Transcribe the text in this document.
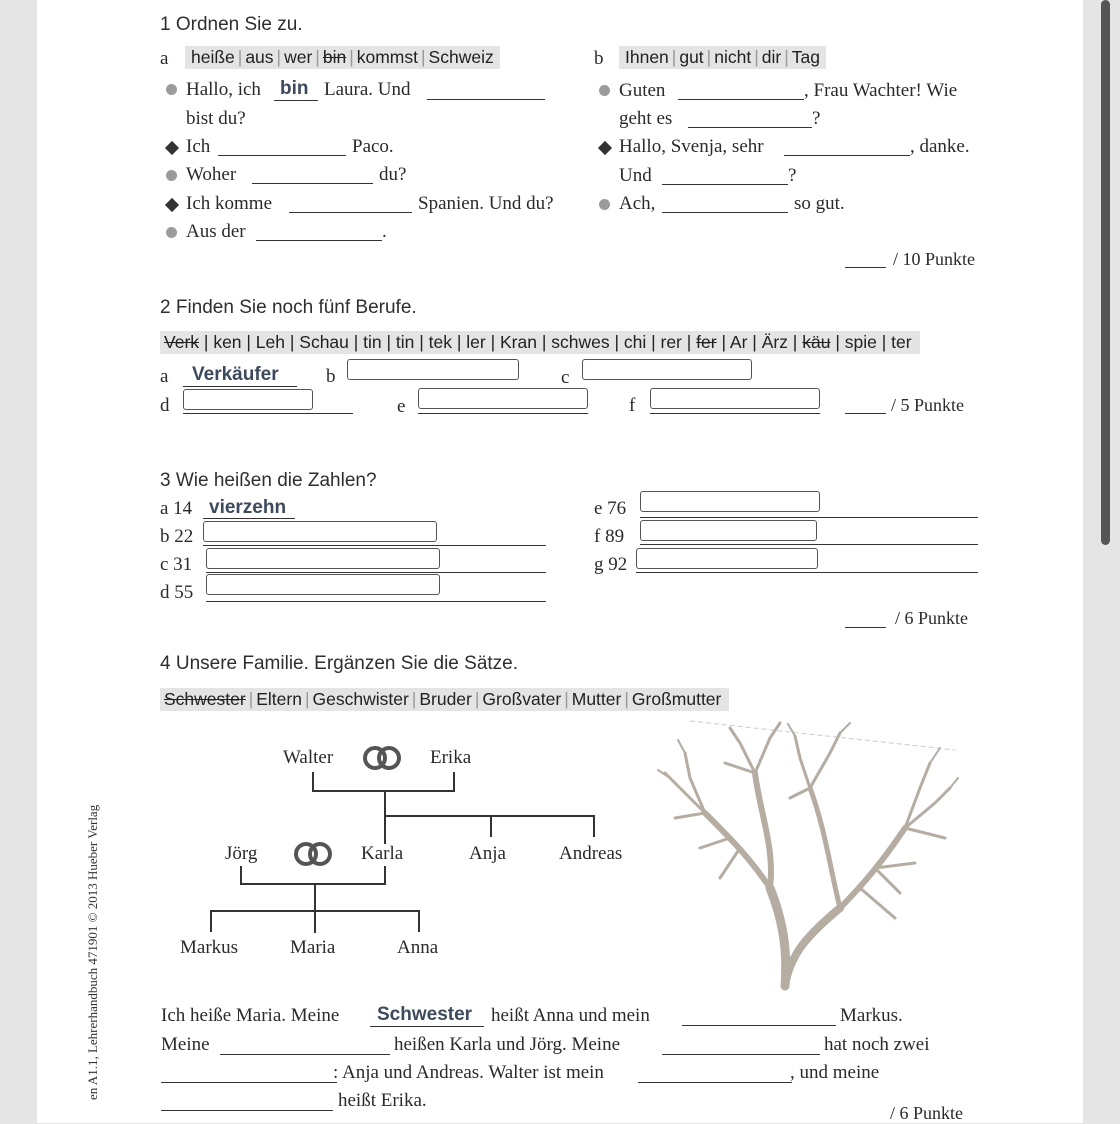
en A1.1, Lehrerhandbuch 471901 © 2013 Hueber Verlag
1 Ordnen Sie zu.
a	heiße | aus | wer | bin | kommst | Schweiz	b	Ihnen | gut | nicht | dir | Tag
Hallo, ich bin Laura. Und
bist du?
Ich	Paco.
Woher	du?
Ich komme	Spanien. Und du?
Aus der	.
Guten	, Frau Wachter! Wie
geht es	?
Hallo, Svenja, sehr	, danke.
Und	?
Ach,	so gut.
/ 10 Punkte
2 Finden Sie noch fünf Berufe.
Verk | ken | Leh | Schau | tin | tin | tek | ler | Kran | schwes | chi | rer | fer | Ar | Ärz | käu | spie | ter
a Verkäufer b	c
d	e	f	/ 5 Punkte
3 Wie heißen die Zahlen?
a 14 vierzehn
b 22
c 31
d 55
e 76
f 89
g 92
/ 6 Punkte
4 Unsere Familie. Ergänzen Sie die Sätze.
Schwester | Eltern | Geschwister | Bruder | Großvater | Mutter | Großmutter
Walter	Erika
Jörg	Karla	Anja	Andreas
Markus	Maria	Anna
Ich heiße Maria. Meine Schwester heißt Anna und mein	Markus.
Meine	heißen Karla und Jörg. Meine	hat noch zwei
: Anja und Andreas. Walter ist mein	, und meine
heißt Erika.
/ 6 Punkte
